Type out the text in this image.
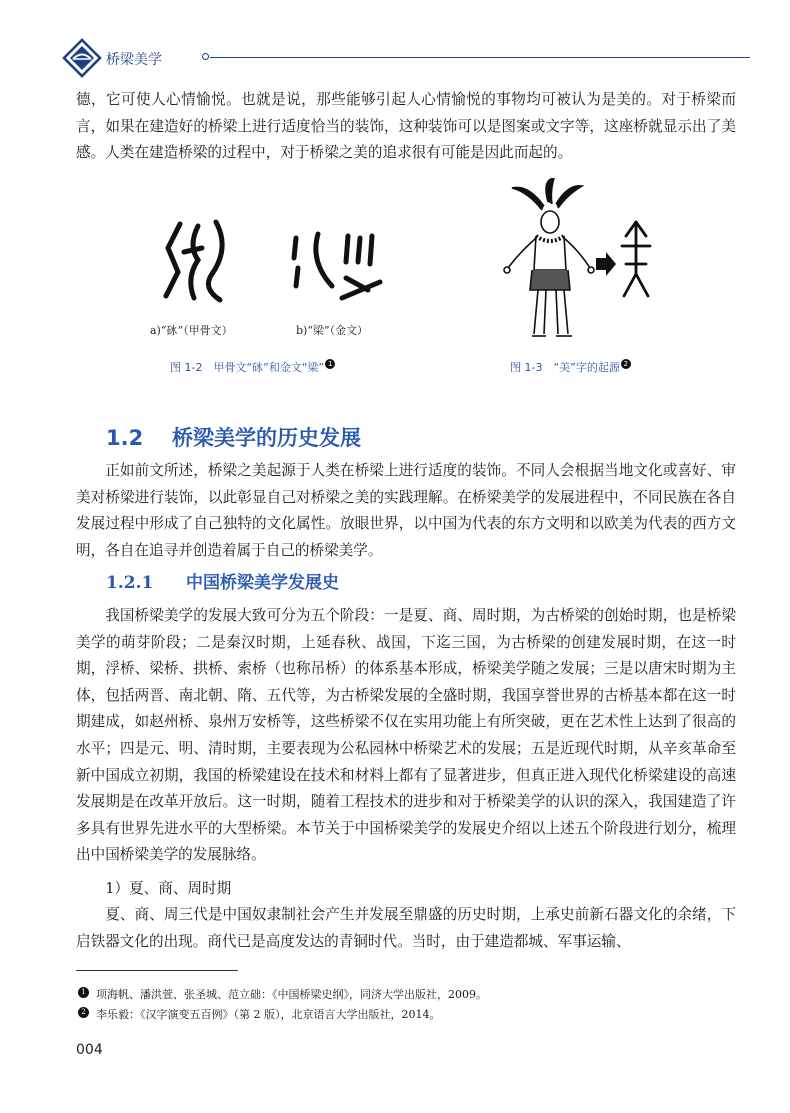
桥梁美学

德，它可使人心情愉悦。也就是说，那些能够引起人心情愉悦的事物均可被认为是美的。对于桥梁而言，如果在建造好的桥梁上进行适度恰当的装饰，这种装饰可以是图案或文字等，这座桥就显示出了美感。人类在建造桥梁的过程中，对于桥梁之美的追求很有可能是因此而起的。

a)“砯”（甲骨文）	b)“梁”（金文）
图 1-2　甲骨文“砯”和金文“梁” 1	图 1-3　“美”字的起源 2
1.2 桥梁美学的历史发展

正如前文所述，桥梁之美起源于人类在桥梁上进行适度的装饰。不同人会根据当地文化或喜好、审美对桥梁进行装饰，以此彰显自己对桥梁之美的实践理解。在桥梁美学的发展进程中，不同民族在各自发展过程中形成了自己独特的文化属性。放眼世界，以中国为代表的东方文明和以欧美为代表的西方文明，各自在追寻并创造着属于自己的桥梁美学。

1.2.1 中国桥梁美学发展史

我国桥梁美学的发展大致可分为五个阶段：一是夏、商、周时期，为古桥梁的创始时期，也是桥梁美学的萌芽阶段；二是秦汉时期，上延春秋、战国，下迄三国，为古桥梁的创建发展时期，在这一时期，浮桥、梁桥、拱桥、索桥（也称吊桥）的体系基本形成，桥梁美学随之发展；三是以唐宋时期为主体，包括两晋、南北朝、隋、五代等，为古桥梁发展的全盛时期，我国享誉世界的古桥基本都在这一时期建成，如赵州桥、泉州万安桥等，这些桥梁不仅在实用功能上有所突破，更在艺术性上达到了很高的水平；四是元、明、清时期，主要表现为公私园林中桥梁艺术的发展；五是近现代时期，从辛亥革命至新中国成立初期，我国的桥梁建设在技术和材料上都有了显著进步，但真正进入现代化桥梁建设的高速发展期是在改革开放后。这一时期，随着工程技术的进步和对于桥梁美学的认识的深入，我国建造了许多具有世界先进水平的大型桥梁。本节关于中国桥梁美学的发展史介绍以上述五个阶段进行划分，梳理出中国桥梁美学的发展脉络。

1）夏、商、周时期

夏、商、周三代是中国奴隶制社会产生并发展至鼎盛的历史时期，上承史前新石器文化的余绪，下启铁器文化的出现。商代已是高度发达的青铜时代。当时，由于建造都城、军事运输、

1 项海帆、潘洪萱、张圣城、范立础：《中国桥梁史纲》，同济大学出版社，2009。
2 李乐毅：《汉字演变五百例》（第 2 版），北京语言大学出版社，2014。
004
